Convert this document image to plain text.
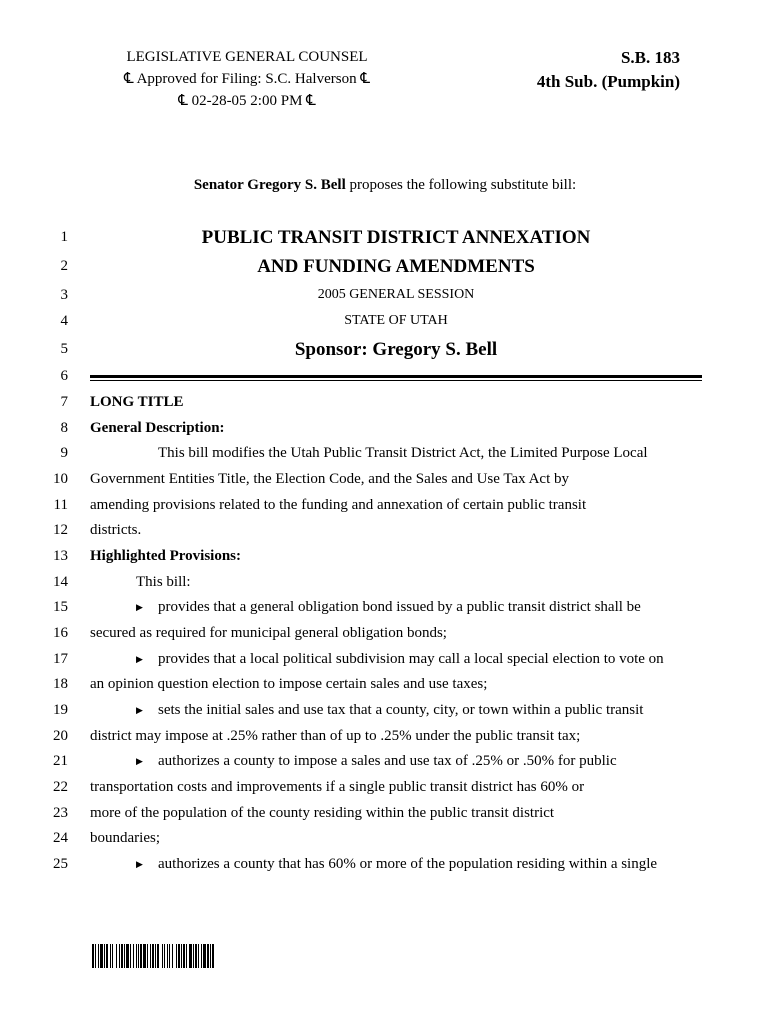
LEGISLATIVE GENERAL COUNSEL
℄ Approved for Filing: S.C. Halverson ℄
℄ 02-28-05 2:00 PM ℄
S.B. 183
4th Sub. (Pumpkin)
Senator Gregory S. Bell proposes the following substitute bill:
1
2
3
4
5
6
7
8
9
10
11
12
13
14
15
16
17
18
19
20
21
22
23
24
25
PUBLIC TRANSIT DISTRICT ANNEXATION
AND FUNDING AMENDMENTS
2005 GENERAL SESSION
STATE OF UTAH
Sponsor: Gregory S. Bell
LONG TITLE
General Description:
This bill modifies the Utah Public Transit District Act, the Limited Purpose Local
Government Entities Title, the Election Code, and the Sales and Use Tax Act by
amending provisions related to the funding and annexation of certain public transit
districts.
Highlighted Provisions:
This bill:
▶ provides that a general obligation bond issued by a public transit district shall be
secured as required for municipal general obligation bonds;
▶ provides that a local political subdivision may call a local special election to vote on
an opinion question election to impose certain sales and use taxes;
▶ sets the initial sales and use tax that a county, city, or town within a public transit
district may impose at .25% rather than of up to .25% under the public transit tax;
▶ authorizes a county to impose a sales and use tax of .25% or .50% for public
transportation costs and improvements if a single public transit district has 60% or
more of the population of the county residing within the public transit district
boundaries;
▶ authorizes a county that has 60% or more of the population residing within a single
